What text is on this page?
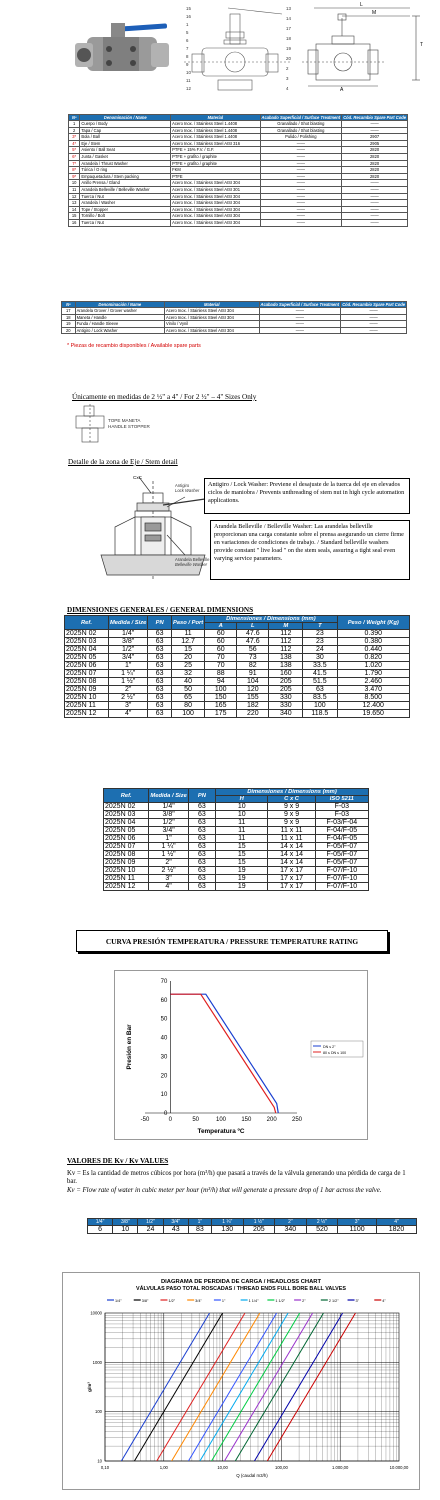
15
16
1
5
6
7
8
9
10
11
12
13
14
17
18
19
20
2
3
4
L
T
A
M
Nº	Denominación / Name	Material	Acabado Superficial / Surface Treatment	Cód. Recambio Spare Part Code
1	Cuerpo / Body	Acero Inox. / Stainless Steel 1.4408	Granallado / Shot blasting	——
2	Tapa / Cap	Acero Inox. / Stainless Steel 1.4408	Granallado / Shot blasting	——
3*	Bola / Ball	Acero Inox. / Stainless Steel 1.4408	Pulido / Polishing	2907
4*	Eje / Stem	Acero Inox. / Stainless Steel AISI 316	——	2905
5*	Asiento / Ball Seat	PTFE + 15% F.V. / G.F.	——	2820
6*	Junta / Gasket	PTFE + grafito / graphite	——	2820
7*	Arandela / Thrust Washer	PTFE + grafito / graphite	——	2820
8*	Tórica / O ring	FKM	——	2820
9*	Empaquetadura / Stem packing	PTFE	——	2820
10	Anillo Prensa / Gland	Acero Inox. / Stainless Steel AISI 304	——	——
11	Arandela Belleville / Belleville Washer	Acero Inox. / Stainless Steel AISI 301	——	——
12	Tuerca / Nut	Acero Inox. / Stainless Steel AISI 304	——	——
13	Arandela / Washer	Acero Inox. / Stainless Steel AISI 304	——	——
14	Tope / Stopper	Acero Inox. / Stainless Steel AISI 304	——	——
15	Tornillo / Bolt	Acero Inox. / Stainless Steel AISI 304	——	——
16	Tuerca / Nut	Acero Inox. / Stainless Steel AISI 304	——	——
Nº	Denominación / Name	Material	Acabado Superficial / Surface Treatment	Cód. Recambio Spare Part Code
17	Arandela Grover / Grover washer	Acero Inox. / Stainless Steel AISI 304	——	——
18	Maneta / Handle	Acero Inox. / Stainless Steel AISI 304	——	——
19	Funda / Handle Sleeve	Vinilo / Vynil	——	——
20	Antigiro / Lock Washer	Acero Inox. / Stainless Steel AISI 304	——	——
* Piezas de recambio disponibles / Available spare parts
Únicamente en medidas de 2 ½" a 4" / For 2 ½" – 4" Sizes Only
TOPE MANETA
HANDLE STOPPER
Detalle de la zona de Eje / Stem detail
CxC
Antigiro
Lock Washer
Arandela Belleville
Belleville Washer
Antigiro / Lock Washer: Previene el desajuste de la tuerca del eje en elevados ciclos de maniobra / Prevents unthreading of stem nut in high cycle automation applications.
Arandela Belleville / Belleville Washer: Las arandelas belleville proporcionan una carga constante sobre el prensa asegurando un cierre firme en variaciones de condiciones de trabajo. / Standard belleville washers provide constant " live load " on the stem seals, assuring a tight seal even varying service parameters.
DIMENSIONES GENERALES / GENERAL DIMENSIONS
Ref.	Medida / Size	PN	Paso / Port	Dimensiones / Dimensions (mm)				Peso / Weight (Kg)
				A	L	M	T	
2025N 02	1/4"	63	11	60	47.6	112	23	0.390
2025N 03	3/8"	63	12.7	60	47.6	112	23	0.380
2025N 04	1/2"	63	15	60	56	112	24	0.440
2025N 05	3/4"	63	20	70	73	138	30	0.820
2025N 06	1"	63	25	70	82	138	33.5	1.020
2025N 07	1 ¼"	63	32	88	91	160	41.5	1.790
2025N 08	1 ½"	63	40	94	104	205	51.5	2.460
2025N 09	2"	63	50	100	120	205	63	3.470
2025N 10	2 ½"	63	65	150	155	330	83.5	8.500
2025N 11	3"	63	80	165	182	330	100	12.400
2025N 12	4"	63	100	175	220	340	118.5	19.650
Ref.	Medida / Size	PN	Dimensiones / Dimensions (mm)		
			H	C x C	ISO 5211
2025N 02	1/4"	63	10	9 x 9	F-03
2025N 03	3/8"	63	10	9 x 9	F-03
2025N 04	1/2"	63	11	9 x 9	F-03/F-04
2025N 05	3/4"	63	11	11 x 11	F-04/F-05
2025N 06	1"	63	11	11 x 11	F-04/F-05
2025N 07	1 ¼"	63	15	14 x 14	F-05/F-07
2025N 08	1 ½"	63	15	14 x 14	F-05/F-07
2025N 09	2"	63	15	14 x 14	F-05/F-07
2025N 10	2 ½"	63	19	17 x 17	F-07/F-10
2025N 11	3"	63	19	17 x 17	F-07/F-10
2025N 12	4"	63	19	17 x 17	F-07/F-10
CURVA PRESIÓN TEMPERATURA / PRESSURE TEMPERATURE RATING
-50	0	50	100	150	200	250
0
10
20
30
40
50
60
70
Temperatura ºC
Presión en Bar	DN ≤ 2"
80 ≤ DN ≤ 100
VALORES DE Kv / Kv VALUES
Kv = Es la cantidad de metros cúbicos por hora (m³/h) que pasará a través de la válvula generando una pérdida de carga de 1 bar.
Kv = Flow rate of water in cubic meter per hour (m³/h) that will generate a pressure drop of 1 bar across the valve.
1/4"	3/8"	1/2"	3/4"	1"	1 ¼"	1 ½"	2"	2 ½"	3"	4"
6	10	24	43	83	130	205	340	520	1100	1820
DIAGRAMA DE PERDIDA DE CARGA / HEADLOSS CHART
VÁLVULAS PASO TOTAL ROSCADAS / THREAD ENDS FULL BORE BALL VALVES
0,10	1,00	10,00	100,00	1.000,00	10.000,00
10
100
1000
10000
Q (caudal m3/h)
g/m³
1/4"	3/8"	1/2"	3/4"	1"	1 1/4"	1 1/2"	2"	2 1/2"	3"	4"
